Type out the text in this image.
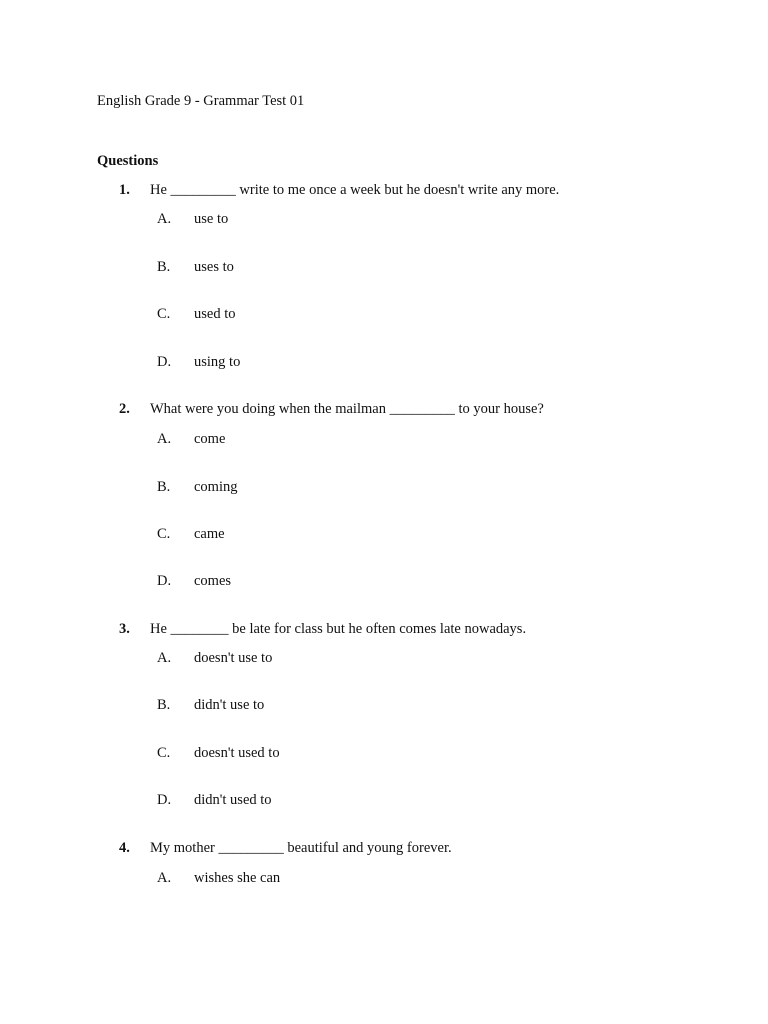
English Grade 9 - Grammar Test 01
Questions
1. He _________ write to me once a week but he doesn't write any more.
A. use to
B. uses to
C. used to
D. using to
2. What were you doing when the mailman _________ to your house?
A. come
B. coming
C. came
D. comes
3. He ________ be late for class but he often comes late nowadays.
A. doesn't use to
B. didn't use to
C. doesn't used to
D. didn't used to
4. My mother _________ beautiful and young forever.
A. wishes she can
